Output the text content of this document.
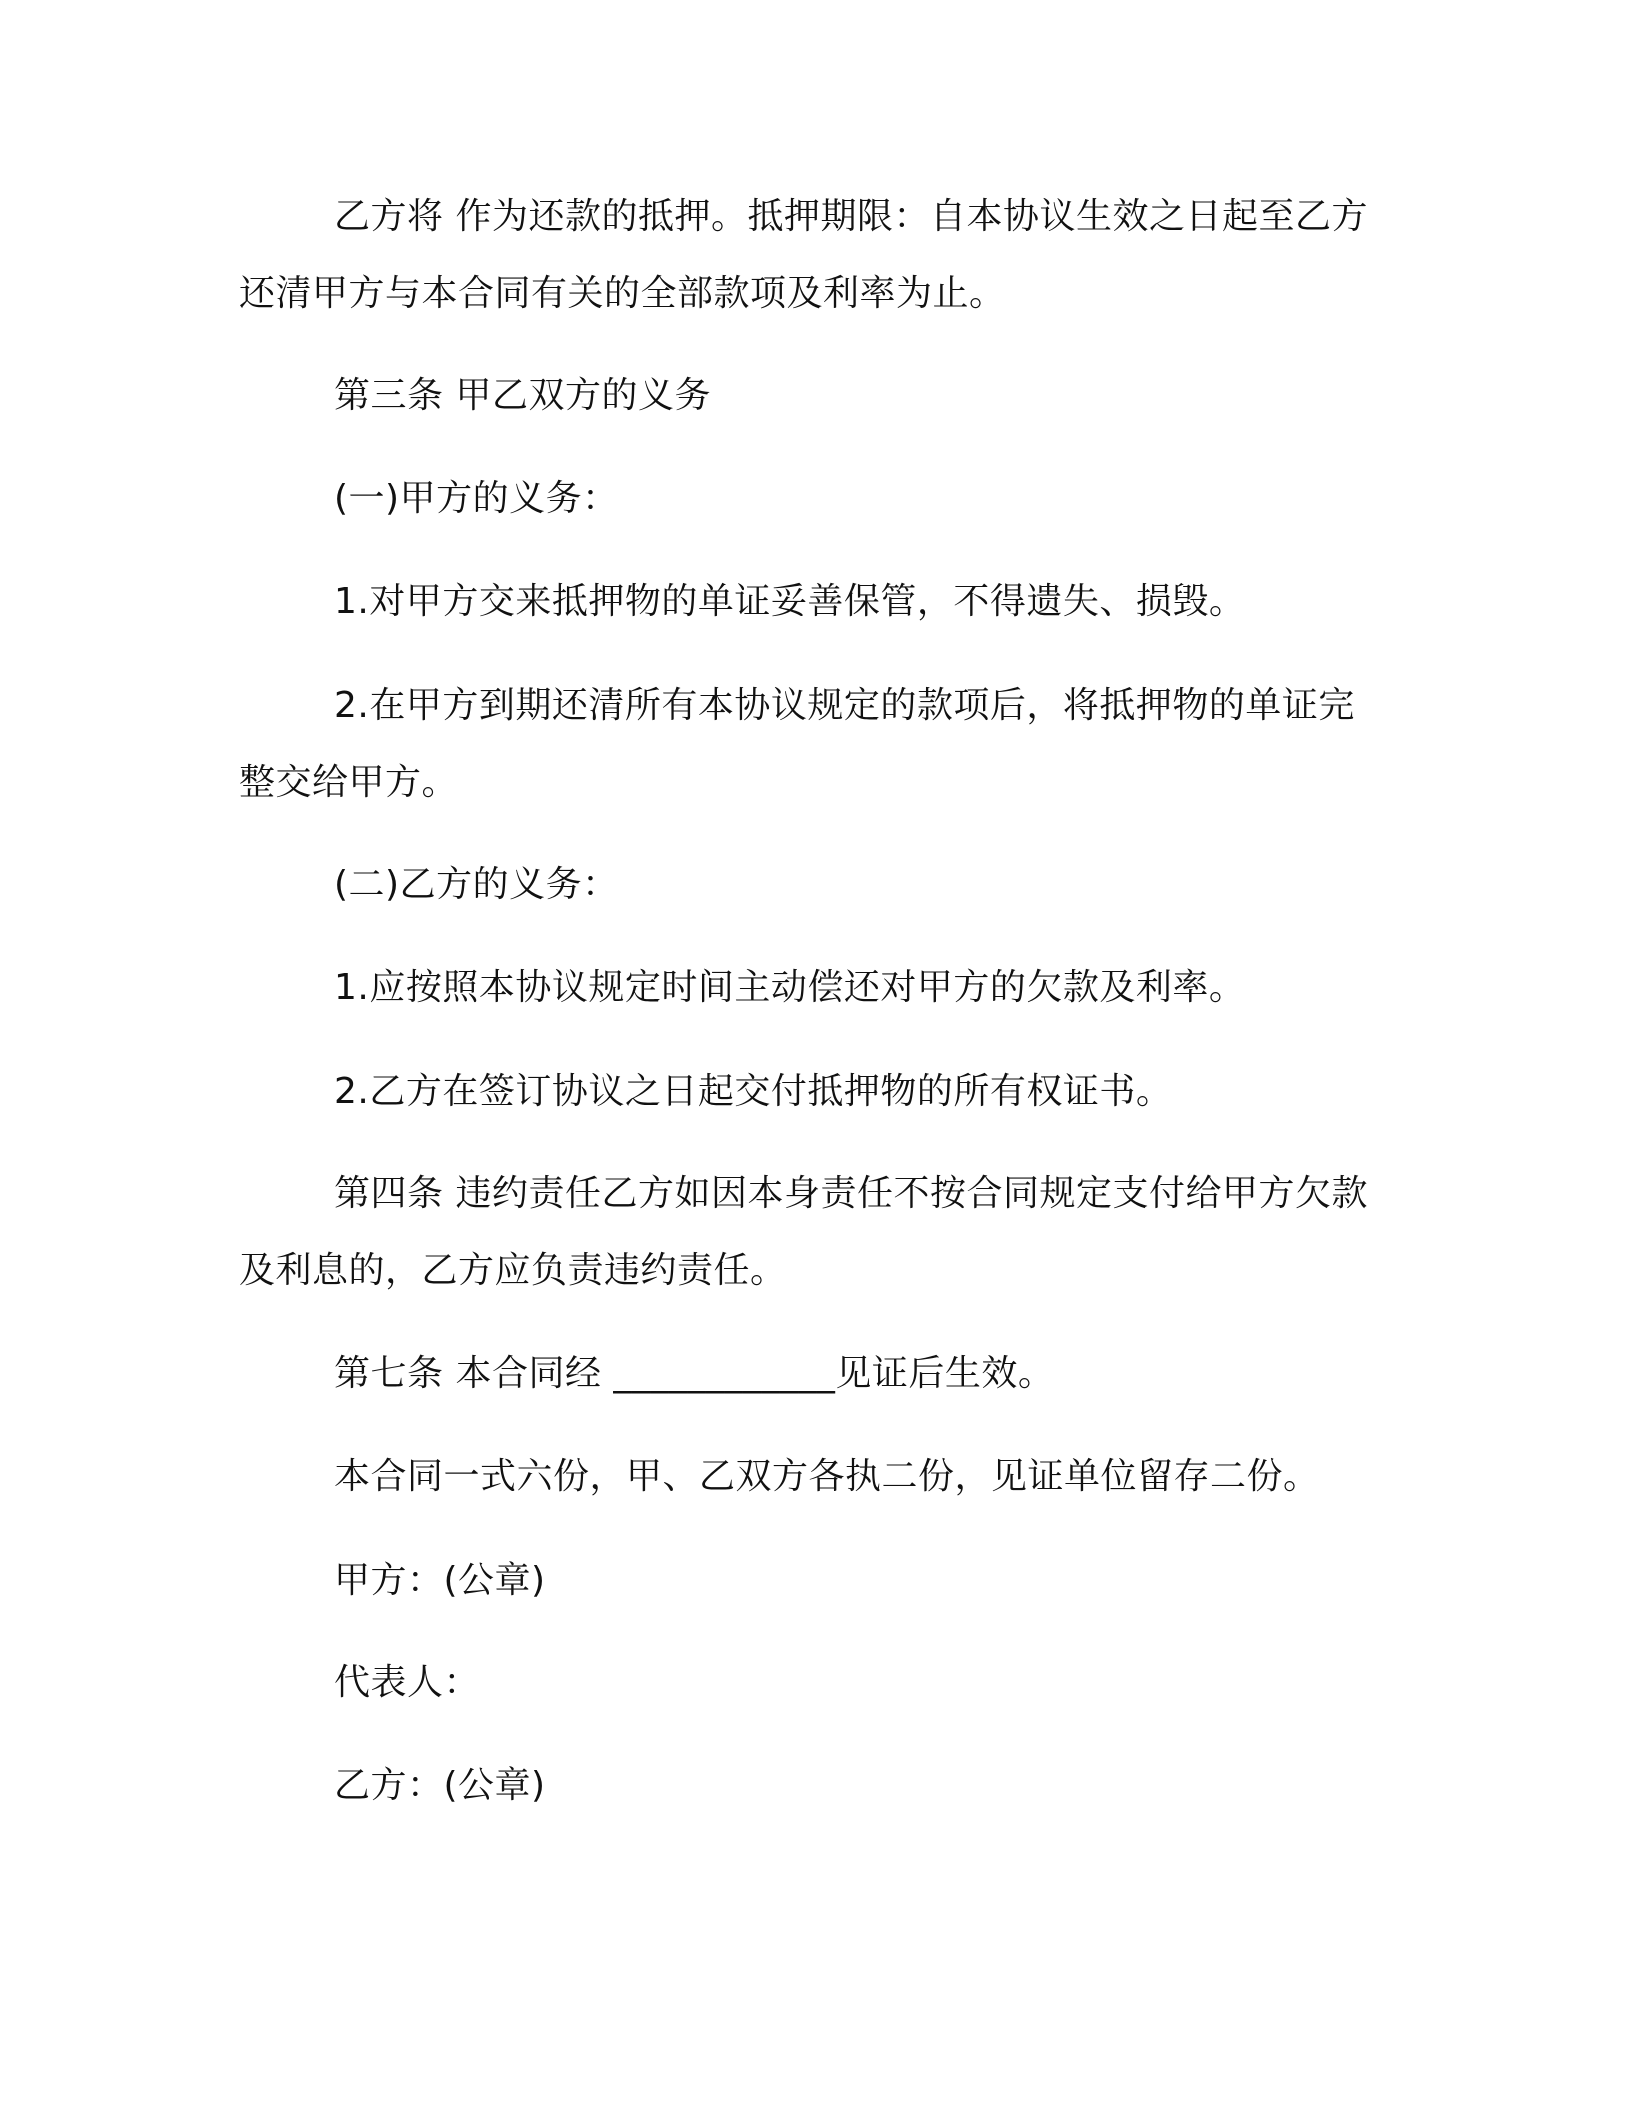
乙方将 作为还款的抵押。抵押期限：自本协议生效之日起至乙方
还清甲方与本合同有关的全部款项及利率为止。
第三条 甲乙双方的义务
(一)甲方的义务：
1.对甲方交来抵押物的单证妥善保管，不得遗失、损毁。
2.在甲方到期还清所有本协议规定的款项后，将抵押物的单证完
整交给甲方。
(二)乙方的义务：
1.应按照本协议规定时间主动偿还对甲方的欠款及利率。
2.乙方在签订协议之日起交付抵押物的所有权证书。
第四条 违约责任乙方如因本身责任不按合同规定支付给甲方欠款
及利息的，乙方应负责违约责任。
第七条 本合同经 ____________见证后生效。
本合同一式六份，甲、乙双方各执二份，见证单位留存二份。
甲方：(公章)
代表人：
乙方：(公章)
